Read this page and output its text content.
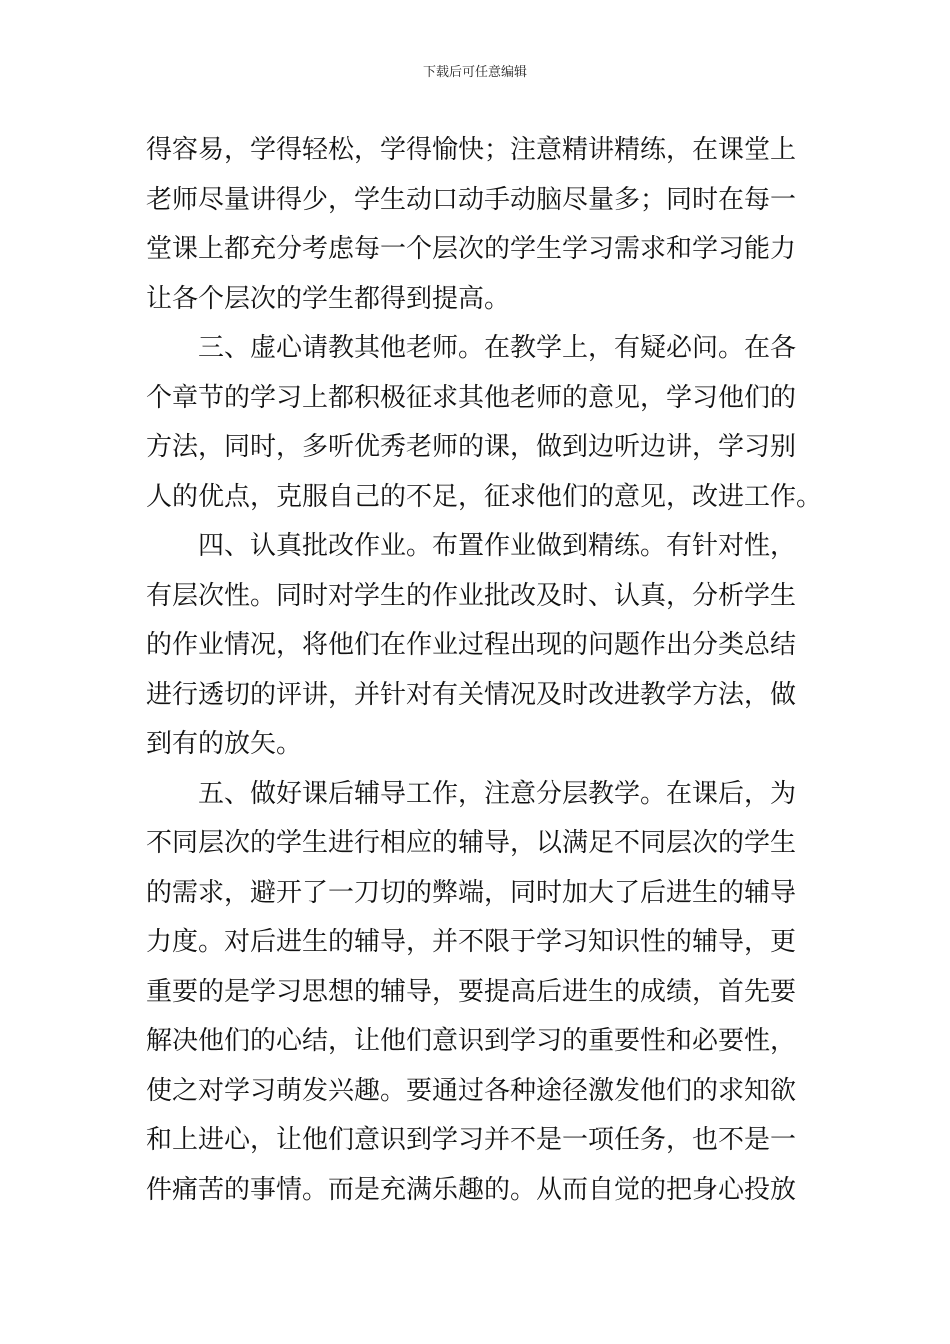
下载后可任意编辑
得容易，学得轻松，学得愉快；注意精讲精练，在课堂上
老师尽量讲得少，学生动口动手动脑尽量多；同时在每一
堂课上都充分考虑每一个层次的学生学习需求和学习能力
让各个层次的学生都得到提高。
三、虚心请教其他老师。在教学上，有疑必问。在各
个章节的学习上都积极征求其他老师的意见，学习他们的
方法，同时，多听优秀老师的课，做到边听边讲，学习别
人的优点，克服自己的不足，征求他们的意见，改进工作。
四、认真批改作业。布置作业做到精练。有针对性，
有层次性。同时对学生的作业批改及时、认真，分析学生
的作业情况，将他们在作业过程出现的问题作出分类总结
进行透切的评讲，并针对有关情况及时改进教学方法，做
到有的放矢。
五、做好课后辅导工作，注意分层教学。在课后，为
不同层次的学生进行相应的辅导，以满足不同层次的学生
的需求，避开了一刀切的弊端，同时加大了后进生的辅导
力度。对后进生的辅导，并不限于学习知识性的辅导，更
重要的是学习思想的辅导，要提高后进生的成绩，首先要
解决他们的心结，让他们意识到学习的重要性和必要性，
使之对学习萌发兴趣。要通过各种途径激发他们的求知欲
和上进心，让他们意识到学习并不是一项任务，也不是一
件痛苦的事情。而是充满乐趣的。从而自觉的把身心投放
